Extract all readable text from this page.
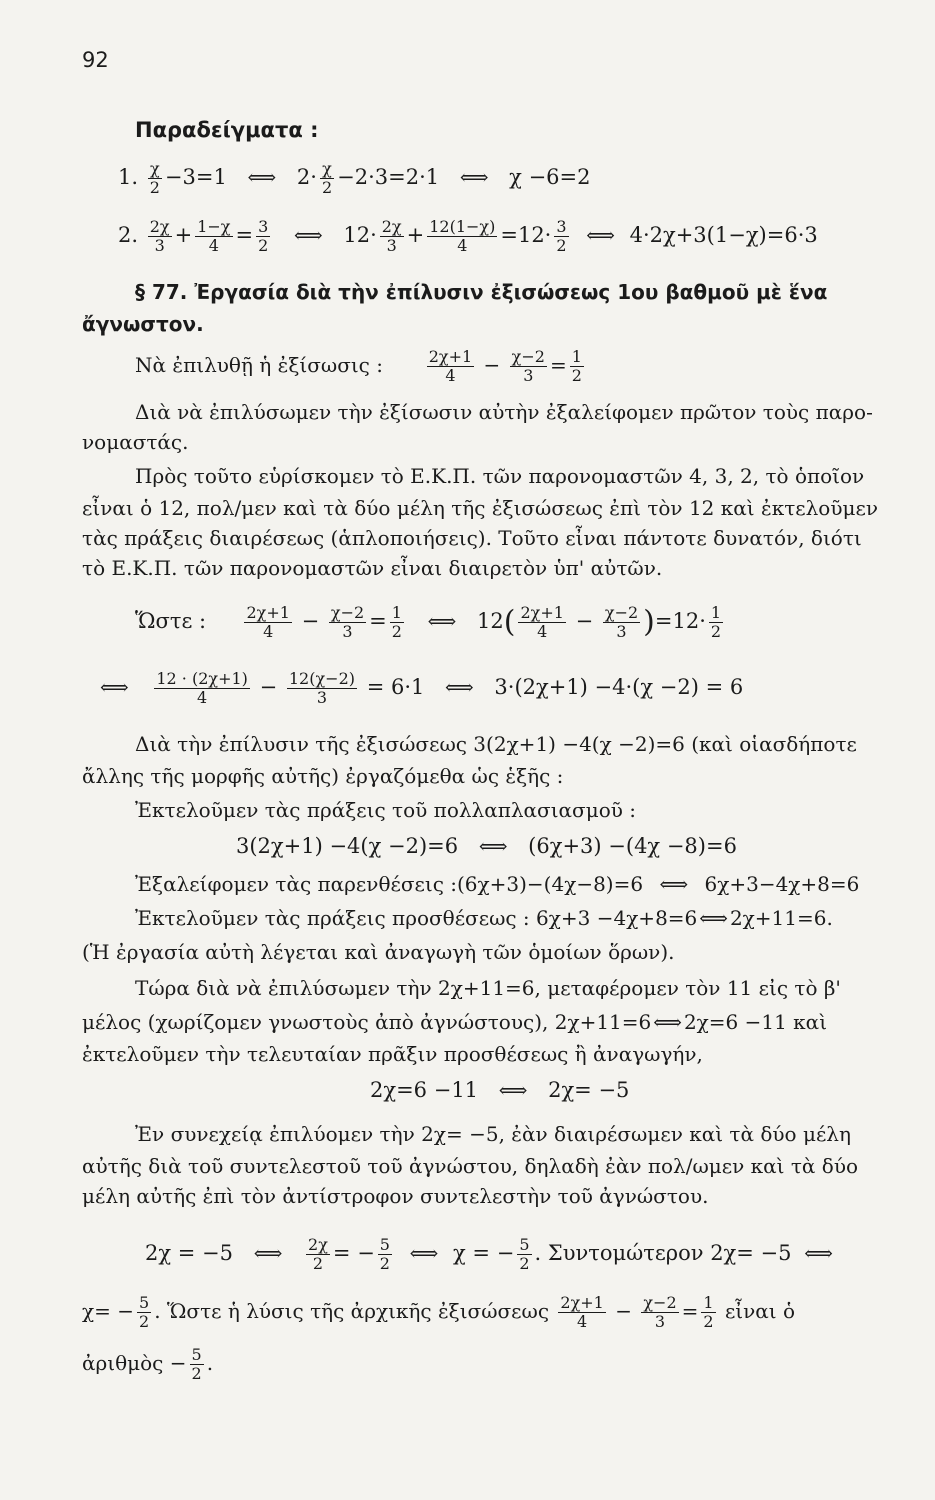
92
Παραδείγματα :
1. $\frac{\chi}{2} -3=1$ ⟺ $2\cdot \frac{\chi}{2} -2\cdot 3=2\cdot 1$ ⟺ χ −6=2
2. $\frac{2\chi}{3} + \frac{1-\chi}{4} = \frac{3}{2}$ ⟺ $12\cdot \frac{2\chi}{3} + \frac{12(1-\chi)}{4} =12\cdot \frac{3}{2}$ ⟺ 4·2χ+3(1−χ)=6·3
§ 77. Ἐργασία διὰ τὴν ἐπίλυσιν ἐξισώσεως 1ου βαθμοῦ μὲ ἕνα
ἄγνωστον.
Νὰ ἐπιλυθῇ ἡ ἐξίσωσις :	$\frac{2\chi+1}{4} - \frac{\chi-2}{3} = \frac{1}{2}$
Διὰ νὰ ἐπιλύσωμεν τὴν ἐξίσωσιν αὐτὴν ἐξαλείφομεν πρῶτον τοὺς παρο-
νομαστάς.
Πρὸς τοῦτο εὑρίσκομεν τὸ Ε.Κ.Π. τῶν παρονομαστῶν 4, 3, 2, τὸ ὁποῖον
εἶναι ὁ 12, πολ/μεν καὶ τὰ δύο μέλη τῆς ἐξισώσεως ἐπὶ τὸν 12 καὶ ἐκτελοῦμεν
τὰς πράξεις διαιρέσεως (ἁπλοποιήσεις). Τοῦτο εἶναι πάντοτε δυνατόν, διότι
τὸ Ε.Κ.Π. τῶν παρονομαστῶν εἶναι διαιρετὸν ὑπ' αὐτῶν.
Ὥστε : $\frac{2\chi+1}{4} - \frac{\chi-2}{3} = \frac{1}{2}$ ⟺ $12( \frac{2\chi+1}{4} - \frac{\chi-2}{3} )=12\cdot \frac{1}{2}$
⟺ $\frac{12 \cdot (2\chi+1)}{4} - \frac{12(\chi-2)}{3} = 6\cdot 1$ ⟺ 3·(2χ+1) −4·(χ −2) = 6
Διὰ τὴν ἐπίλυσιν τῆς ἐξισώσεως 3(2χ+1) −4(χ −2)=6 (καὶ οἱασδήποτε
ἄλλης τῆς μορφῆς αὐτῆς) ἐργαζόμεθα ὡς ἑξῆς :
Ἐκτελοῦμεν τὰς πράξεις τοῦ πολλαπλασιασμοῦ :
3(2χ+1) −4(χ −2)=6 ⟺ (6χ+3) −(4χ −8)=6
Ἐξαλείφομεν τὰς παρενθέσεις :(6χ+3)−(4χ−8)=6 ⟺ 6χ+3−4χ+8=6
Ἐκτελοῦμεν τὰς πράξεις προσθέσεως : 6χ+3 −4χ+8=6 ⟺ 2χ+11=6.
(Ἡ ἐργασία αὐτὴ λέγεται καὶ ἀναγωγὴ τῶν ὁμοίων ὅρων).
Τώρα διὰ νὰ ἐπιλύσωμεν τὴν 2χ+11=6, μεταφέρομεν τὸν 11 εἰς τὸ β'
μέλος (χωρίζομεν γνωστοὺς ἀπὸ ἀγνώστους), 2χ+11=6 ⟺ 2χ=6 −11 καὶ
ἐκτελοῦμεν τὴν τελευταίαν πρᾶξιν προσθέσεως ἢ ἀναγωγήν,
2χ=6 −11 ⟺ 2χ= −5
Ἐν συνεχείᾳ ἐπιλύομεν τὴν 2χ= −5, ἐὰν διαιρέσωμεν καὶ τὰ δύο μέλη
αὐτῆς διὰ τοῦ συντελεστοῦ τοῦ ἀγνώστου, δηλαδὴ ἐὰν πολ/ωμεν καὶ τὰ δύο
μέλη αὐτῆς ἐπὶ τὸν ἀντίστροφον συντελεστὴν τοῦ ἀγνώστου.
2χ = −5 ⟺ $\frac{2\chi}{2}$ = − $\frac{5}{2}$ ⟺ χ = − $\frac{5}{2}$ . Συντομώτερον 2χ= −5 ⟺
$\chi= - \frac{5}{2}$ . Ὥστε ἡ λύσις τῆς ἀρχικῆς ἐξισώσεως $\frac{2\chi+1}{4} - \frac{\chi-2}{3} = \frac{1}{2}$ εἶναι ὁ
ἀριθμὸς − $\frac{5}{2}$ .
